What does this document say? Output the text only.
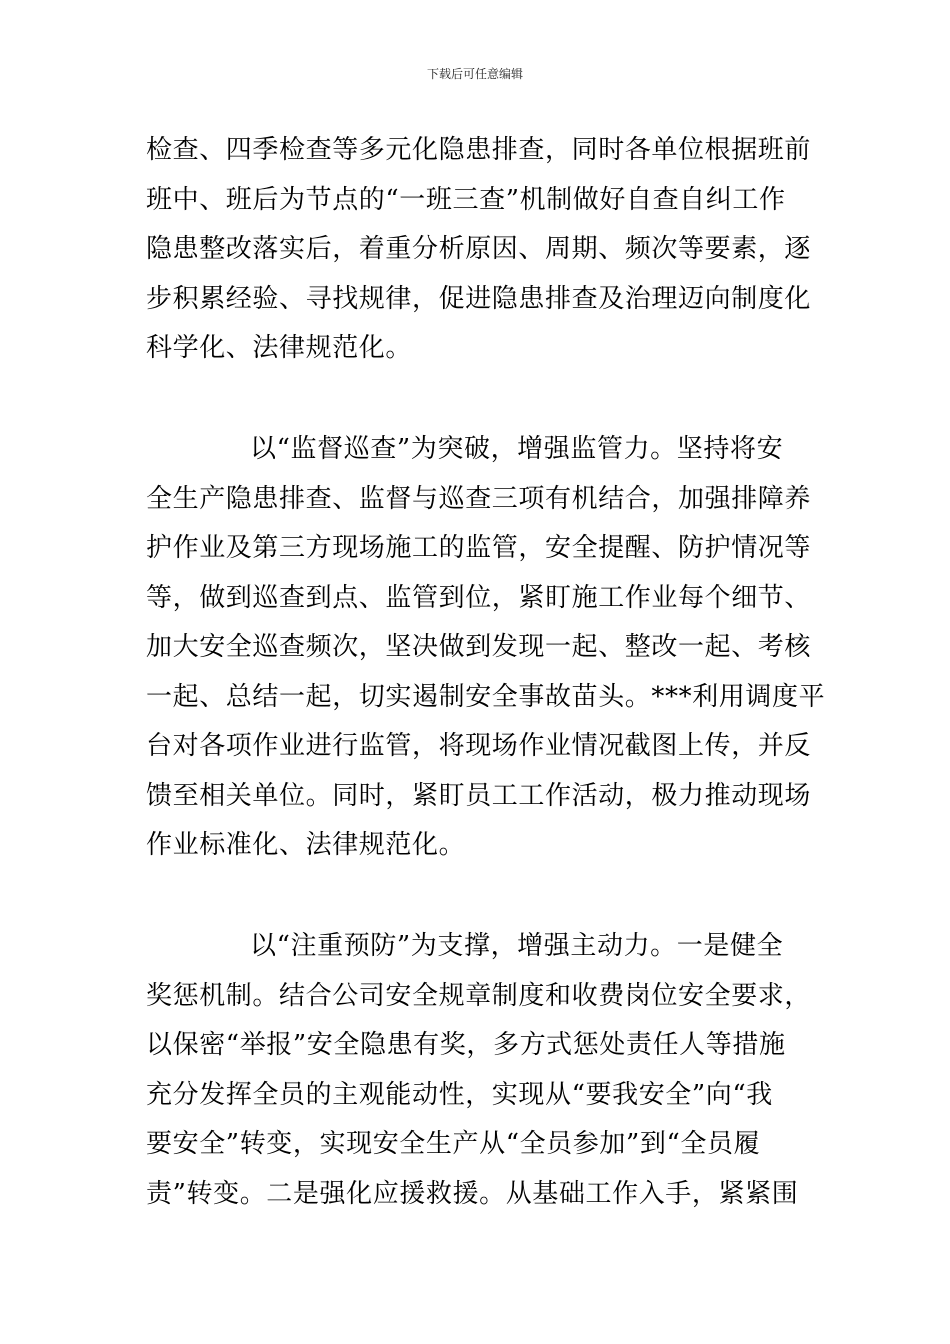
下载后可任意编辑
检查、四季检查等多元化隐患排查，同时各单位根据班前
班中、班后为节点的“一班三查”机制做好自查自纠工作
隐患整改落实后，着重分析原因、周期、频次等要素，逐
步积累经验、寻找规律，促进隐患排查及治理迈向制度化
科学化、法律规范化。
以“监督巡查”为突破，增强监管力。坚持将安
全生产隐患排查、监督与巡查三项有机结合，加强排障养
护作业及第三方现场施工的监管，安全提醒、防护情况等
等，做到巡查到点、监管到位，紧盯施工作业每个细节、
加大安全巡查频次，坚决做到发现一起、整改一起、考核
一起、总结一起，切实遏制安全事故苗头。***利用调度平
台对各项作业进行监管，将现场作业情况截图上传，并反
馈至相关单位。同时，紧盯员工工作活动，极力推动现场
作业标准化、法律规范化。
以“注重预防”为支撑，增强主动力。一是健全
奖惩机制。结合公司安全规章制度和收费岗位安全要求，
以保密“举报”安全隐患有奖，多方式惩处责任人等措施
充分发挥全员的主观能动性，实现从“要我安全”向“我
要安全”转变，实现安全生产从“全员参加”到“全员履
责”转变。二是强化应援救援。从基础工作入手，紧紧围
